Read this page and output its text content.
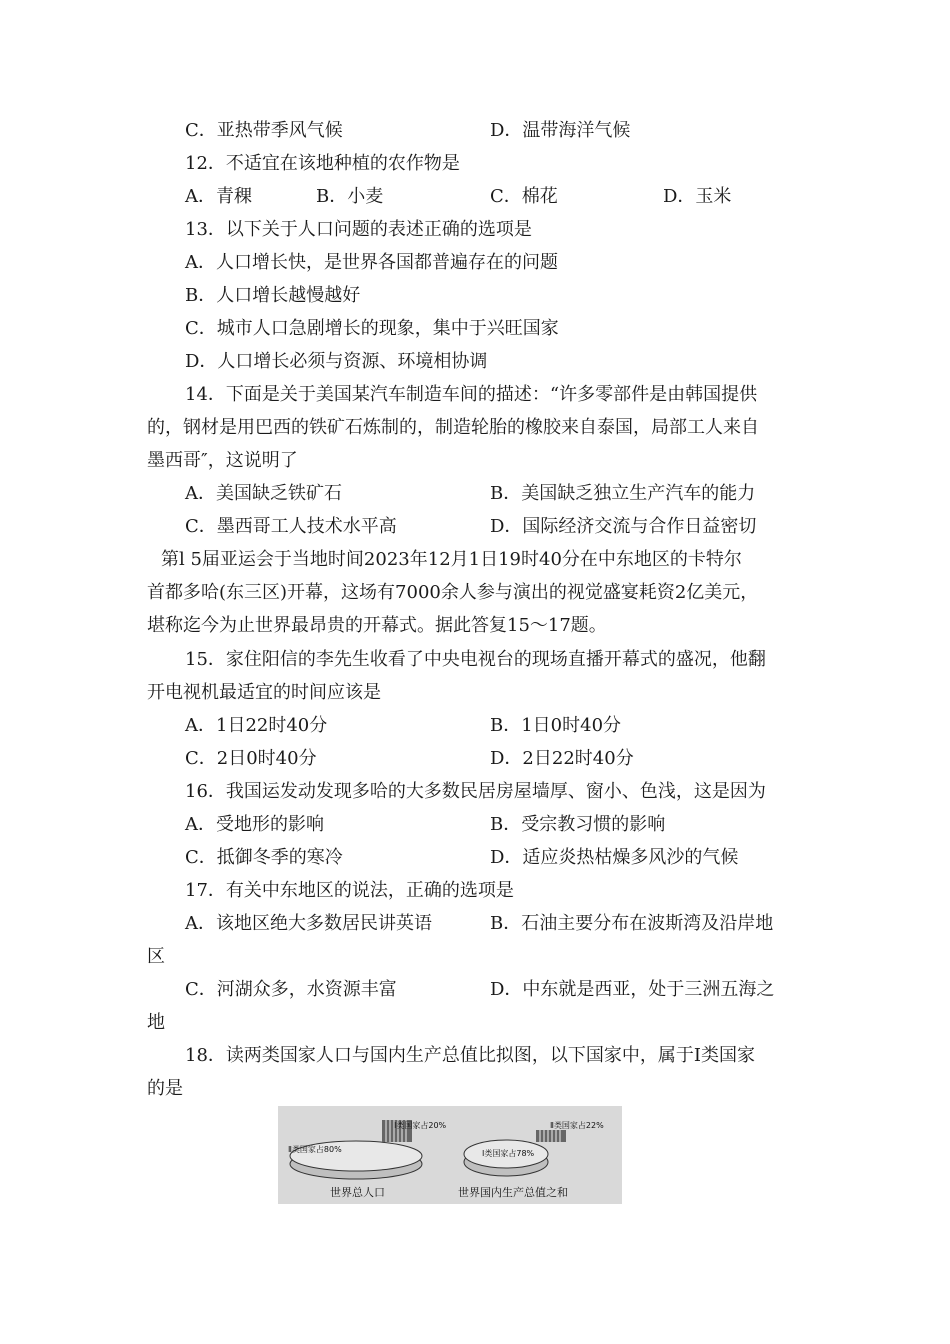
C．亚热带季风气候	D．温带海洋气候
12．不适宜在该地种植的农作物是
A．青稞	B．小麦	C．棉花	D．玉米
13．以下关于人口问题的表述正确的选项是
A．人口增长快，是世界各国都普遍存在的问题
B．人口增长越慢越好
C．城市人口急剧增长的现象，集中于兴旺国家
D．人口增长必须与资源、环境相协调
14．下面是关于美国某汽车制造车间的描述：“许多零部件是由韩国提供
的，钢材是用巴西的铁矿石炼制的，制造轮胎的橡胶来自泰国，局部工人来自
墨西哥″，这说明了
A．美国缺乏铁矿石	B．美国缺乏独立生产汽车的能力
C．墨西哥工人技术水平高	D．国际经济交流与合作日益密切
第l 5届亚运会于当地时间2023年12月1日19时40分在中东地区的卡特尔
首都多哈(东三区)开幕，这场有7000余人参与演出的视觉盛宴耗资2亿美元，
堪称迄今为止世界最昂贵的开幕式。据此答复15～17题。
15．家住阳信的李先生收看了中央电视台的现场直播开幕式的盛况，他翻
开电视机最适宜的时间应该是
A．1日22时40分	B．1日0时40分
C．2日0时40分	D．2日22时40分
16．我国运发动发现多哈的大多数民居房屋墙厚、窗小、色浅，这是因为
A．受地形的影响	B．受宗教习惯的影响
C．抵御冬季的寒冷	D．适应炎热枯燥多风沙的气候
17．有关中东地区的说法，正确的选项是
A．该地区绝大多数居民讲英语	B．石油主要分布在波斯湾及沿岸地
区
C．河湖众多，水资源丰富	D．中东就是西亚，处于三洲五海之
地
18．读两类国家人口与国内生产总值比拟图，以下国家中，属于Ⅰ类国家
的是
Ⅰ类国家占20%
Ⅱ类国家占80%
世界总人口
Ⅱ类国家占22%
Ⅰ类国家占78%
世界国内生产总值之和
